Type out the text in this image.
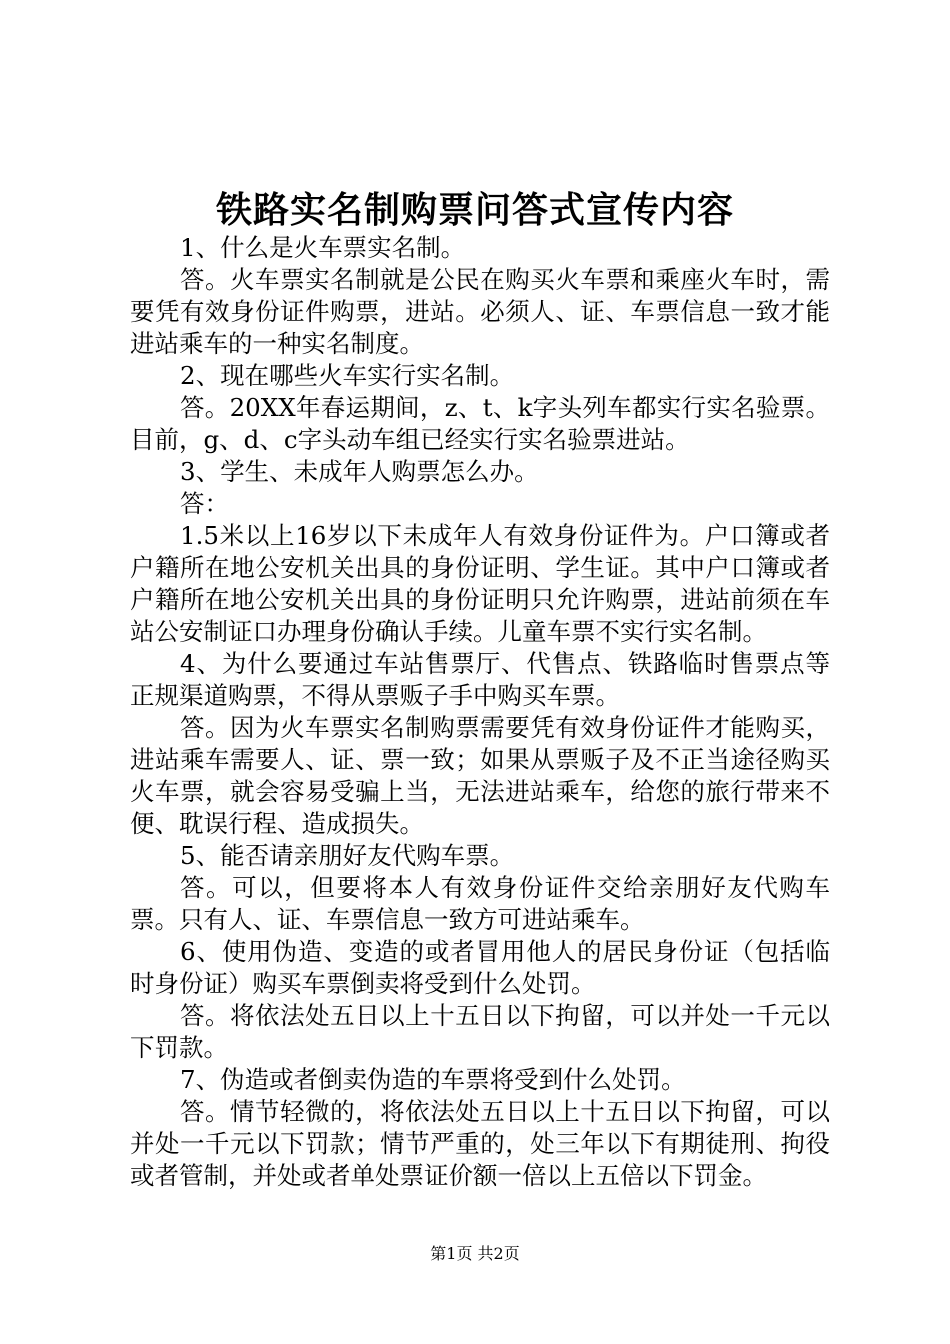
铁路实名制购票问答式宣传内容

1、什么是火车票实名制。

答。火车票实名制就是公民在购买火车票和乘座火车时，需要凭有效身份证件购票，进站。必须人、证、车票信息一致才能进站乘车的一种实名制度。

2、现在哪些火车实行实名制。

答。20XX年春运期间，z、t、k字头列车都实行实名验票。目前，g、d、c字头动车组已经实行实名验票进站。

3、学生、未成年人购票怎么办。

答：

1.5米以上16岁以下未成年人有效身份证件为。户口簿或者户籍所在地公安机关出具的身份证明、学生证。其中户口簿或者户籍所在地公安机关出具的身份证明只允许购票，进站前须在车站公安制证口办理身份确认手续。儿童车票不实行实名制。

4、为什么要通过车站售票厅、代售点、铁路临时售票点等正规渠道购票，不得从票贩子手中购买车票。

答。因为火车票实名制购票需要凭有效身份证件才能购买，进站乘车需要人、证、票一致；如果从票贩子及不正当途径购买火车票，就会容易受骗上当，无法进站乘车，给您的旅行带来不便、耽误行程、造成损失。

5、能否请亲朋好友代购车票。

答。可以，但要将本人有效身份证件交给亲朋好友代购车票。只有人、证、车票信息一致方可进站乘车。

6、使用伪造、变造的或者冒用他人的居民身份证（包括临时身份证）购买车票倒卖将受到什么处罚。

答。将依法处五日以上十五日以下拘留，可以并处一千元以下罚款。

7、伪造或者倒卖伪造的车票将受到什么处罚。

答。情节轻微的，将依法处五日以上十五日以下拘留，可以并处一千元以下罚款；情节严重的，处三年以下有期徒刑、拘役或者管制，并处或者单处票证价额一倍以上五倍以下罚金。

第1页 共2页
